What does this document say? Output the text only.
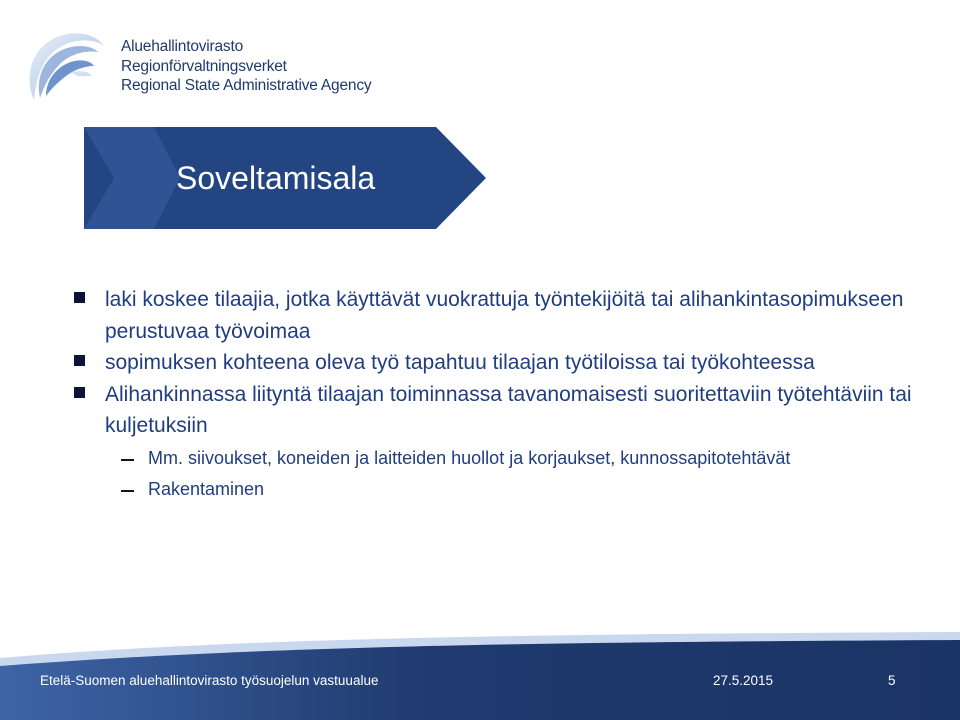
Aluehallintovirasto
Regionförvaltningsverket
Regional State Administrative Agency
Soveltamisala
laki koskee tilaajia, jotka käyttävät vuokrattuja työntekijöitä tai alihankintasopimukseen perustuvaa työvoimaa
sopimuksen kohteena oleva työ tapahtuu tilaajan työtiloissa tai työkohteessa
Alihankinnassa liityntä tilaajan toiminnassa tavanomaisesti suoritettaviin työtehtäviin tai kuljetuksiin
Mm. siivoukset, koneiden ja laitteiden huollot ja korjaukset, kunnossapitotehtävät
Rakentaminen
Etelä-Suomen aluehallintovirasto työsuojelun vastuualue	27.5.2015	5
